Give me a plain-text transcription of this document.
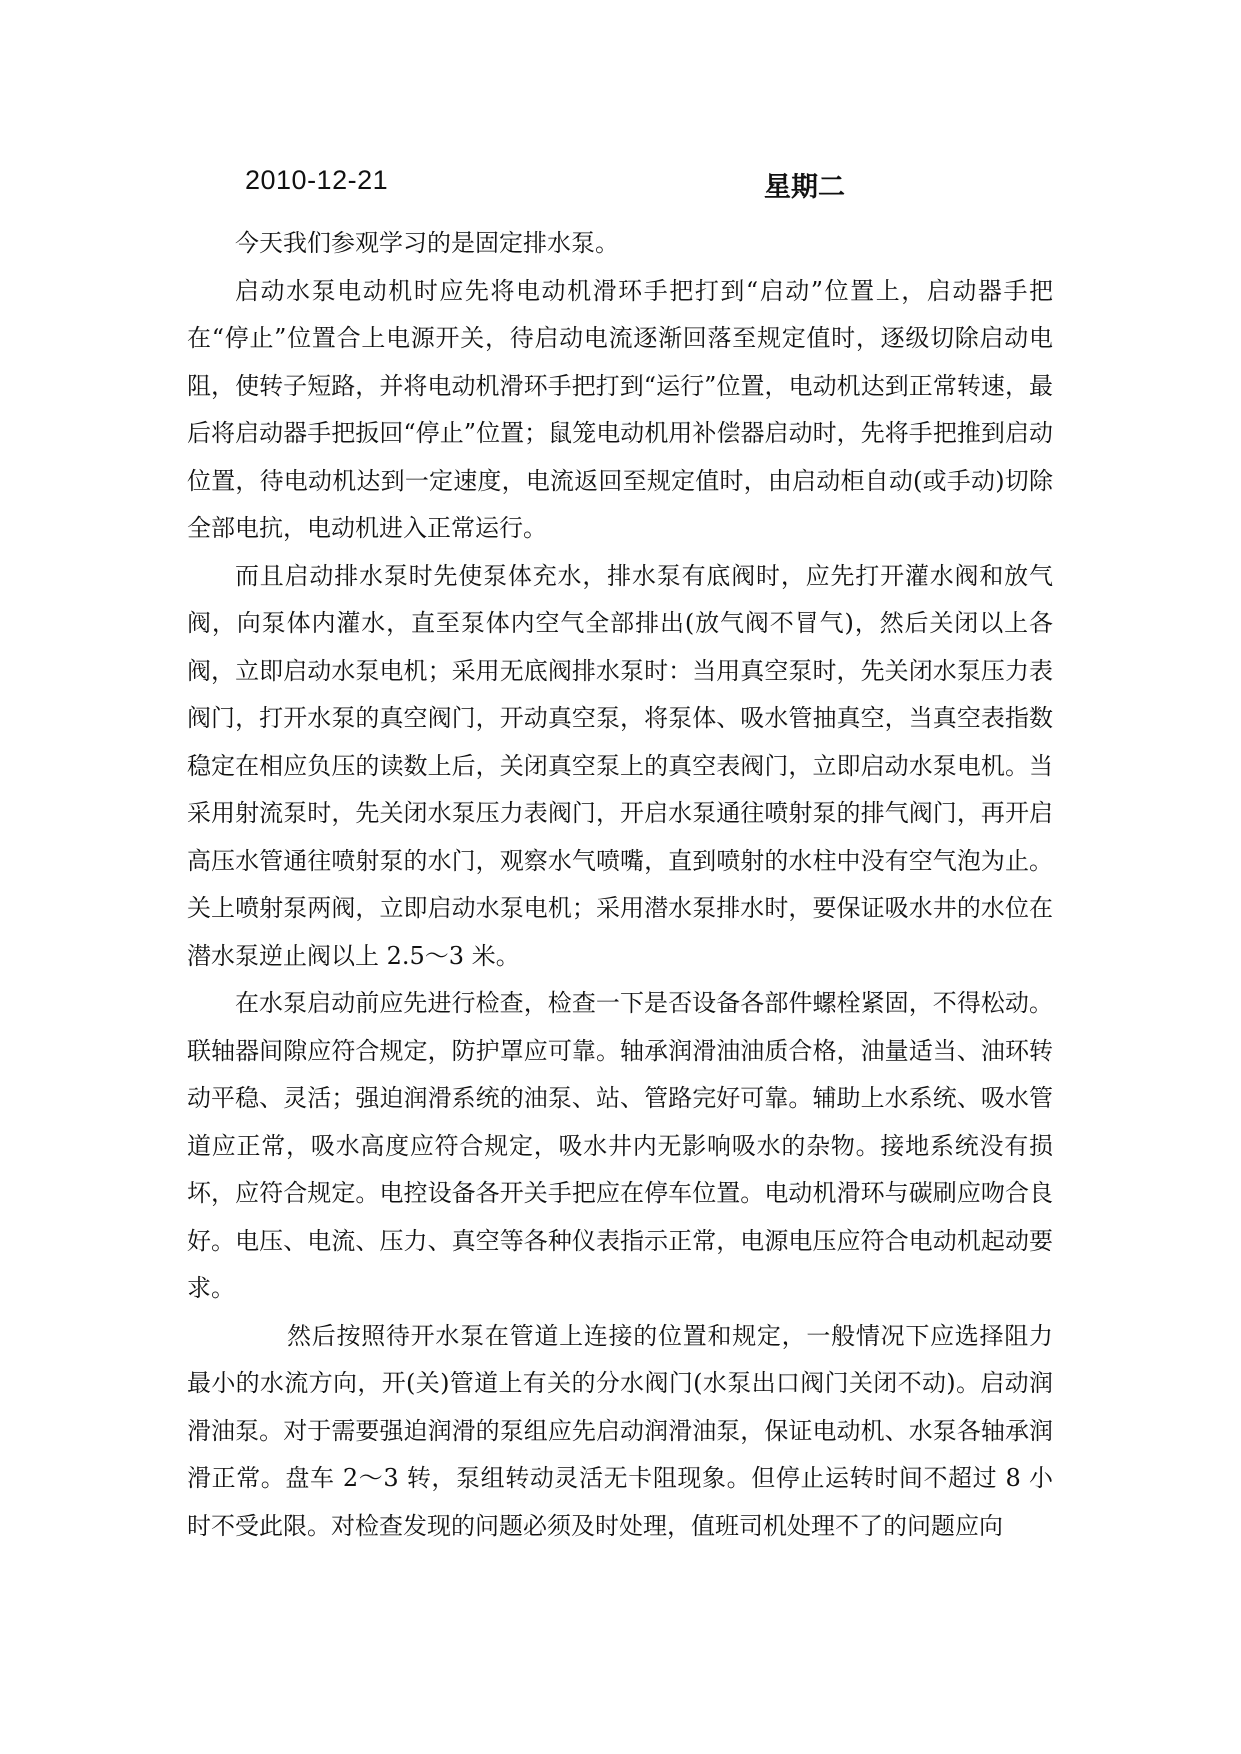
2010-12-21	星期二

今天我们参观学习的是固定排水泵。

启动水泵电动机时应先将电动机滑环手把打到“启动”位置上，启动器手把在“停止”位置合上电源开关，待启动电流逐渐回落至规定值时，逐级切除启动电阻，使转子短路，并将电动机滑环手把打到“运行”位置，电动机达到正常转速，最后将启动器手把扳回“停止”位置；鼠笼电动机用补偿器启动时，先将手把推到启动位置，待电动机达到一定速度，电流返回至规定值时，由启动柜自动(或手动)切除全部电抗，电动机进入正常运行。

而且启动排水泵时先使泵体充水，排水泵有底阀时，应先打开灌水阀和放气阀，向泵体内灌水，直至泵体内空气全部排出(放气阀不冒气)，然后关闭以上各阀，立即启动水泵电机；采用无底阀排水泵时：当用真空泵时，先关闭水泵压力表阀门，打开水泵的真空阀门，开动真空泵，将泵体、吸水管抽真空，当真空表指数稳定在相应负压的读数上后，关闭真空泵上的真空表阀门，立即启动水泵电机。当采用射流泵时，先关闭水泵压力表阀门，开启水泵通往喷射泵的排气阀门，再开启高压水管通往喷射泵的水门，观察水气喷嘴，直到喷射的水柱中没有空气泡为止。关上喷射泵两阀，立即启动水泵电机；采用潜水泵排水时，要保证吸水井的水位在潜水泵逆止阀以上 2.5～3 米。

在水泵启动前应先进行检查，检查一下是否设备各部件螺栓紧固，不得松动。联轴器间隙应符合规定，防护罩应可靠。轴承润滑油油质合格，油量适当、油环转动平稳、灵活；强迫润滑系统的油泵、站、管路完好可靠。辅助上水系统、吸水管道应正常，吸水高度应符合规定，吸水井内无影响吸水的杂物。接地系统没有损坏，应符合规定。电控设备各开关手把应在停车位置。电动机滑环与碳刷应吻合良好。电压、电流、压力、真空等各种仪表指示正常，电源电压应符合电动机起动要求。

然后按照待开水泵在管道上连接的位置和规定，一般情况下应选择阻力最小的水流方向，开(关)管道上有关的分水阀门(水泵出口阀门关闭不动)。启动润滑油泵。对于需要强迫润滑的泵组应先启动润滑油泵，保证电动机、水泵各轴承润滑正常。盘车 2～3 转，泵组转动灵活无卡阻现象。但停止运转时间不超过 8 小时不受此限。对检查发现的问题必须及时处理，值班司机处理不了的问题应向
